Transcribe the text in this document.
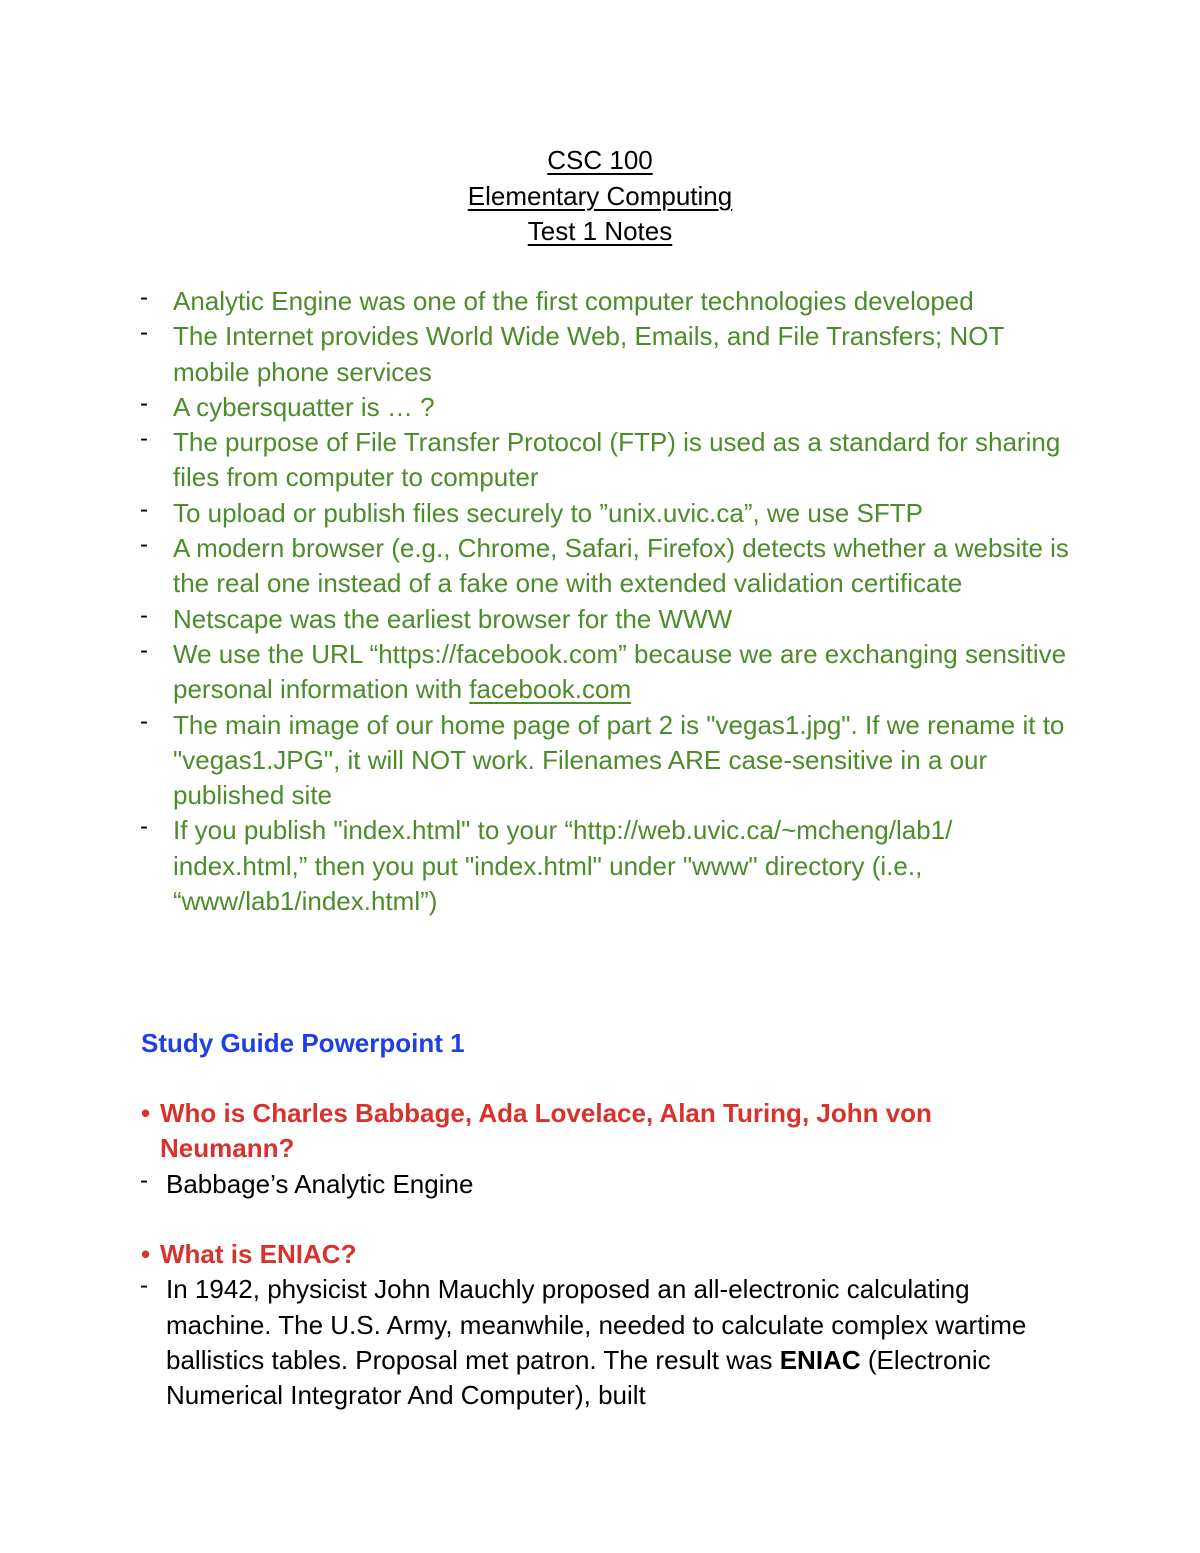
CSC 100
Elementary Computing
Test 1 Notes
- Analytic Engine was one of the first computer technologies developed
- The Internet provides World Wide Web, Emails, and File Transfers; NOT mobile phone services
- A cybersquatter is … ?
- The purpose of File Transfer Protocol (FTP) is used as a standard for sharing files from computer to computer
- To upload or publish files securely to ”unix.uvic.ca”, we use SFTP
- A modern browser (e.g., Chrome, Safari, Firefox) detects whether a website is the real one instead of a fake one with extended validation certificate
- Netscape was the earliest browser for the WWW
- We use the URL “https://facebook.com” because we are exchanging sensitive personal information with facebook.com
- The main image of our home page of part 2 is "vegas1.jpg". If we rename it to "vegas1.JPG", it will NOT work. Filenames ARE case-sensitive in a our published site
- If you publish "index.html" to your “http://web.uvic.ca/~mcheng/lab1/ index.html,” then you put "index.html" under "www" directory (i.e., “www/lab1/index.html”)
Study Guide Powerpoint 1
• Who is Charles Babbage, Ada Lovelace, Alan Turing, John von Neumann?
- Babbage’s Analytic Engine
• What is ENIAC?
- In 1942, physicist John Mauchly proposed an all-electronic calculating machine. The U.S. Army, meanwhile, needed to calculate complex wartime ballistics tables. Proposal met patron. The result was ENIAC (Electronic Numerical Integrator And Computer), built
